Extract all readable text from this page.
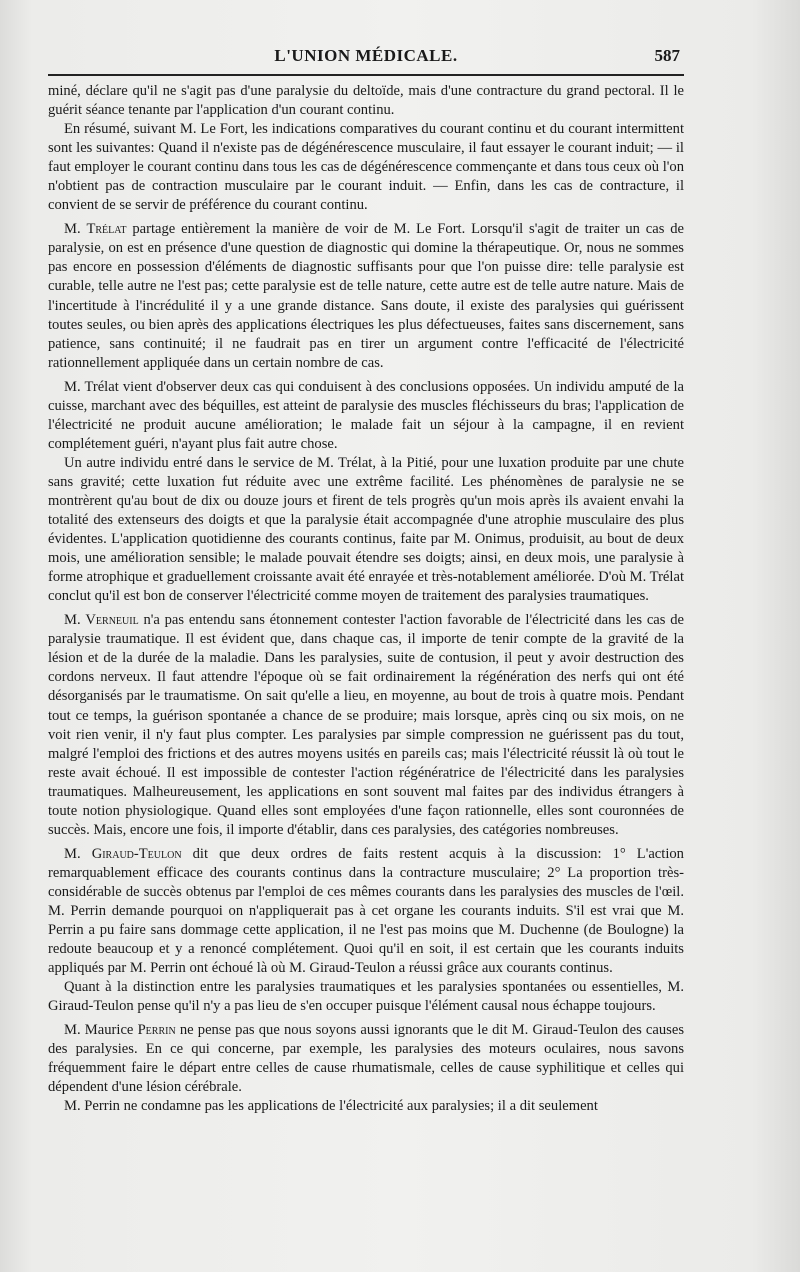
L'UNION MÉDICALE.	587

miné, déclare qu'il ne s'agit pas d'une paralysie du deltoïde, mais d'une contracture du grand pectoral. Il le guérit séance tenante par l'application d'un courant continu.

En résumé, suivant M. Le Fort, les indications comparatives du courant continu et du courant intermittent sont les suivantes: Quand il n'existe pas de dégénérescence musculaire, il faut essayer le courant induit; — il faut employer le courant continu dans tous les cas de dégénérescence commençante et dans tous ceux où l'on n'obtient pas de contraction musculaire par le courant induit. — Enfin, dans les cas de contracture, il convient de se servir de préférence du courant continu.

M. Trélat partage entièrement la manière de voir de M. Le Fort. Lorsqu'il s'agit de traiter un cas de paralysie, on est en présence d'une question de diagnostic qui domine la thérapeutique. Or, nous ne sommes pas encore en possession d'éléments de diagnostic suffisants pour que l'on puisse dire: telle paralysie est curable, telle autre ne l'est pas; cette paralysie est de telle nature, cette autre est de telle autre nature. Mais de l'incertitude à l'incrédulité il y a une grande distance. Sans doute, il existe des paralysies qui guérissent toutes seules, ou bien après des applications électriques les plus défectueuses, faites sans discernement, sans patience, sans continuité; il ne faudrait pas en tirer un argument contre l'efficacité de l'électricité rationnellement appliquée dans un certain nombre de cas.

M. Trélat vient d'observer deux cas qui conduisent à des conclusions opposées. Un individu amputé de la cuisse, marchant avec des béquilles, est atteint de paralysie des muscles fléchisseurs du bras; l'application de l'électricité ne produit aucune amélioration; le malade fait un séjour à la campagne, il en revient complétement guéri, n'ayant plus fait autre chose.

Un autre individu entré dans le service de M. Trélat, à la Pitié, pour une luxation produite par une chute sans gravité; cette luxation fut réduite avec une extrême facilité. Les phénomènes de paralysie ne se montrèrent qu'au bout de dix ou douze jours et firent de tels progrès qu'un mois après ils avaient envahi la totalité des extenseurs des doigts et que la paralysie était accompagnée d'une atrophie musculaire des plus évidentes. L'application quotidienne des courants continus, faite par M. Onimus, produisit, au bout de deux mois, une amélioration sensible; le malade pouvait étendre ses doigts; ainsi, en deux mois, une paralysie à forme atrophique et graduellement croissante avait été enrayée et très-notablement améliorée. D'où M. Trélat conclut qu'il est bon de conserver l'électricité comme moyen de traitement des paralysies traumatiques.

M. Verneuil n'a pas entendu sans étonnement contester l'action favorable de l'électricité dans les cas de paralysie traumatique. Il est évident que, dans chaque cas, il importe de tenir compte de la gravité de la lésion et de la durée de la maladie. Dans les paralysies, suite de contusion, il peut y avoir destruction des cordons nerveux. Il faut attendre l'époque où se fait ordinairement la régénération des nerfs qui ont été désorganisés par le traumatisme. On sait qu'elle a lieu, en moyenne, au bout de trois à quatre mois. Pendant tout ce temps, la guérison spontanée a chance de se produire; mais lorsque, après cinq ou six mois, on ne voit rien venir, il n'y faut plus compter. Les paralysies par simple compression ne guérissent pas du tout, malgré l'emploi des frictions et des autres moyens usités en pareils cas; mais l'électricité réussit là où tout le reste avait échoué. Il est impossible de contester l'action régénératrice de l'électricité dans les paralysies traumatiques. Malheureusement, les applications en sont souvent mal faites par des individus étrangers à toute notion physiologique. Quand elles sont employées d'une façon rationnelle, elles sont couronnées de succès. Mais, encore une fois, il importe d'établir, dans ces paralysies, des catégories nombreuses.

M. Giraud-Teulon dit que deux ordres de faits restent acquis à la discussion: 1° L'action remarquablement efficace des courants continus dans la contracture musculaire; 2° La proportion très-considérable de succès obtenus par l'emploi de ces mêmes courants dans les paralysies des muscles de l'œil. M. Perrin demande pourquoi on n'appliquerait pas à cet organe les courants induits. S'il est vrai que M. Perrin a pu faire sans dommage cette application, il ne l'est pas moins que M. Duchenne (de Boulogne) la redoute beaucoup et y a renoncé complétement. Quoi qu'il en soit, il est certain que les courants induits appliqués par M. Perrin ont échoué là où M. Giraud-Teulon a réussi grâce aux courants continus.

Quant à la distinction entre les paralysies traumatiques et les paralysies spontanées ou essentielles, M. Giraud-Teulon pense qu'il n'y a pas lieu de s'en occuper puisque l'élément causal nous échappe toujours.

M. Maurice Perrin ne pense pas que nous soyons aussi ignorants que le dit M. Giraud-Teulon des causes des paralysies. En ce qui concerne, par exemple, les paralysies des moteurs oculaires, nous savons fréquemment faire le départ entre celles de cause rhumatismale, celles de cause syphilitique et celles qui dépendent d'une lésion cérébrale.

M. Perrin ne condamne pas les applications de l'électricité aux paralysies; il a dit seulement
